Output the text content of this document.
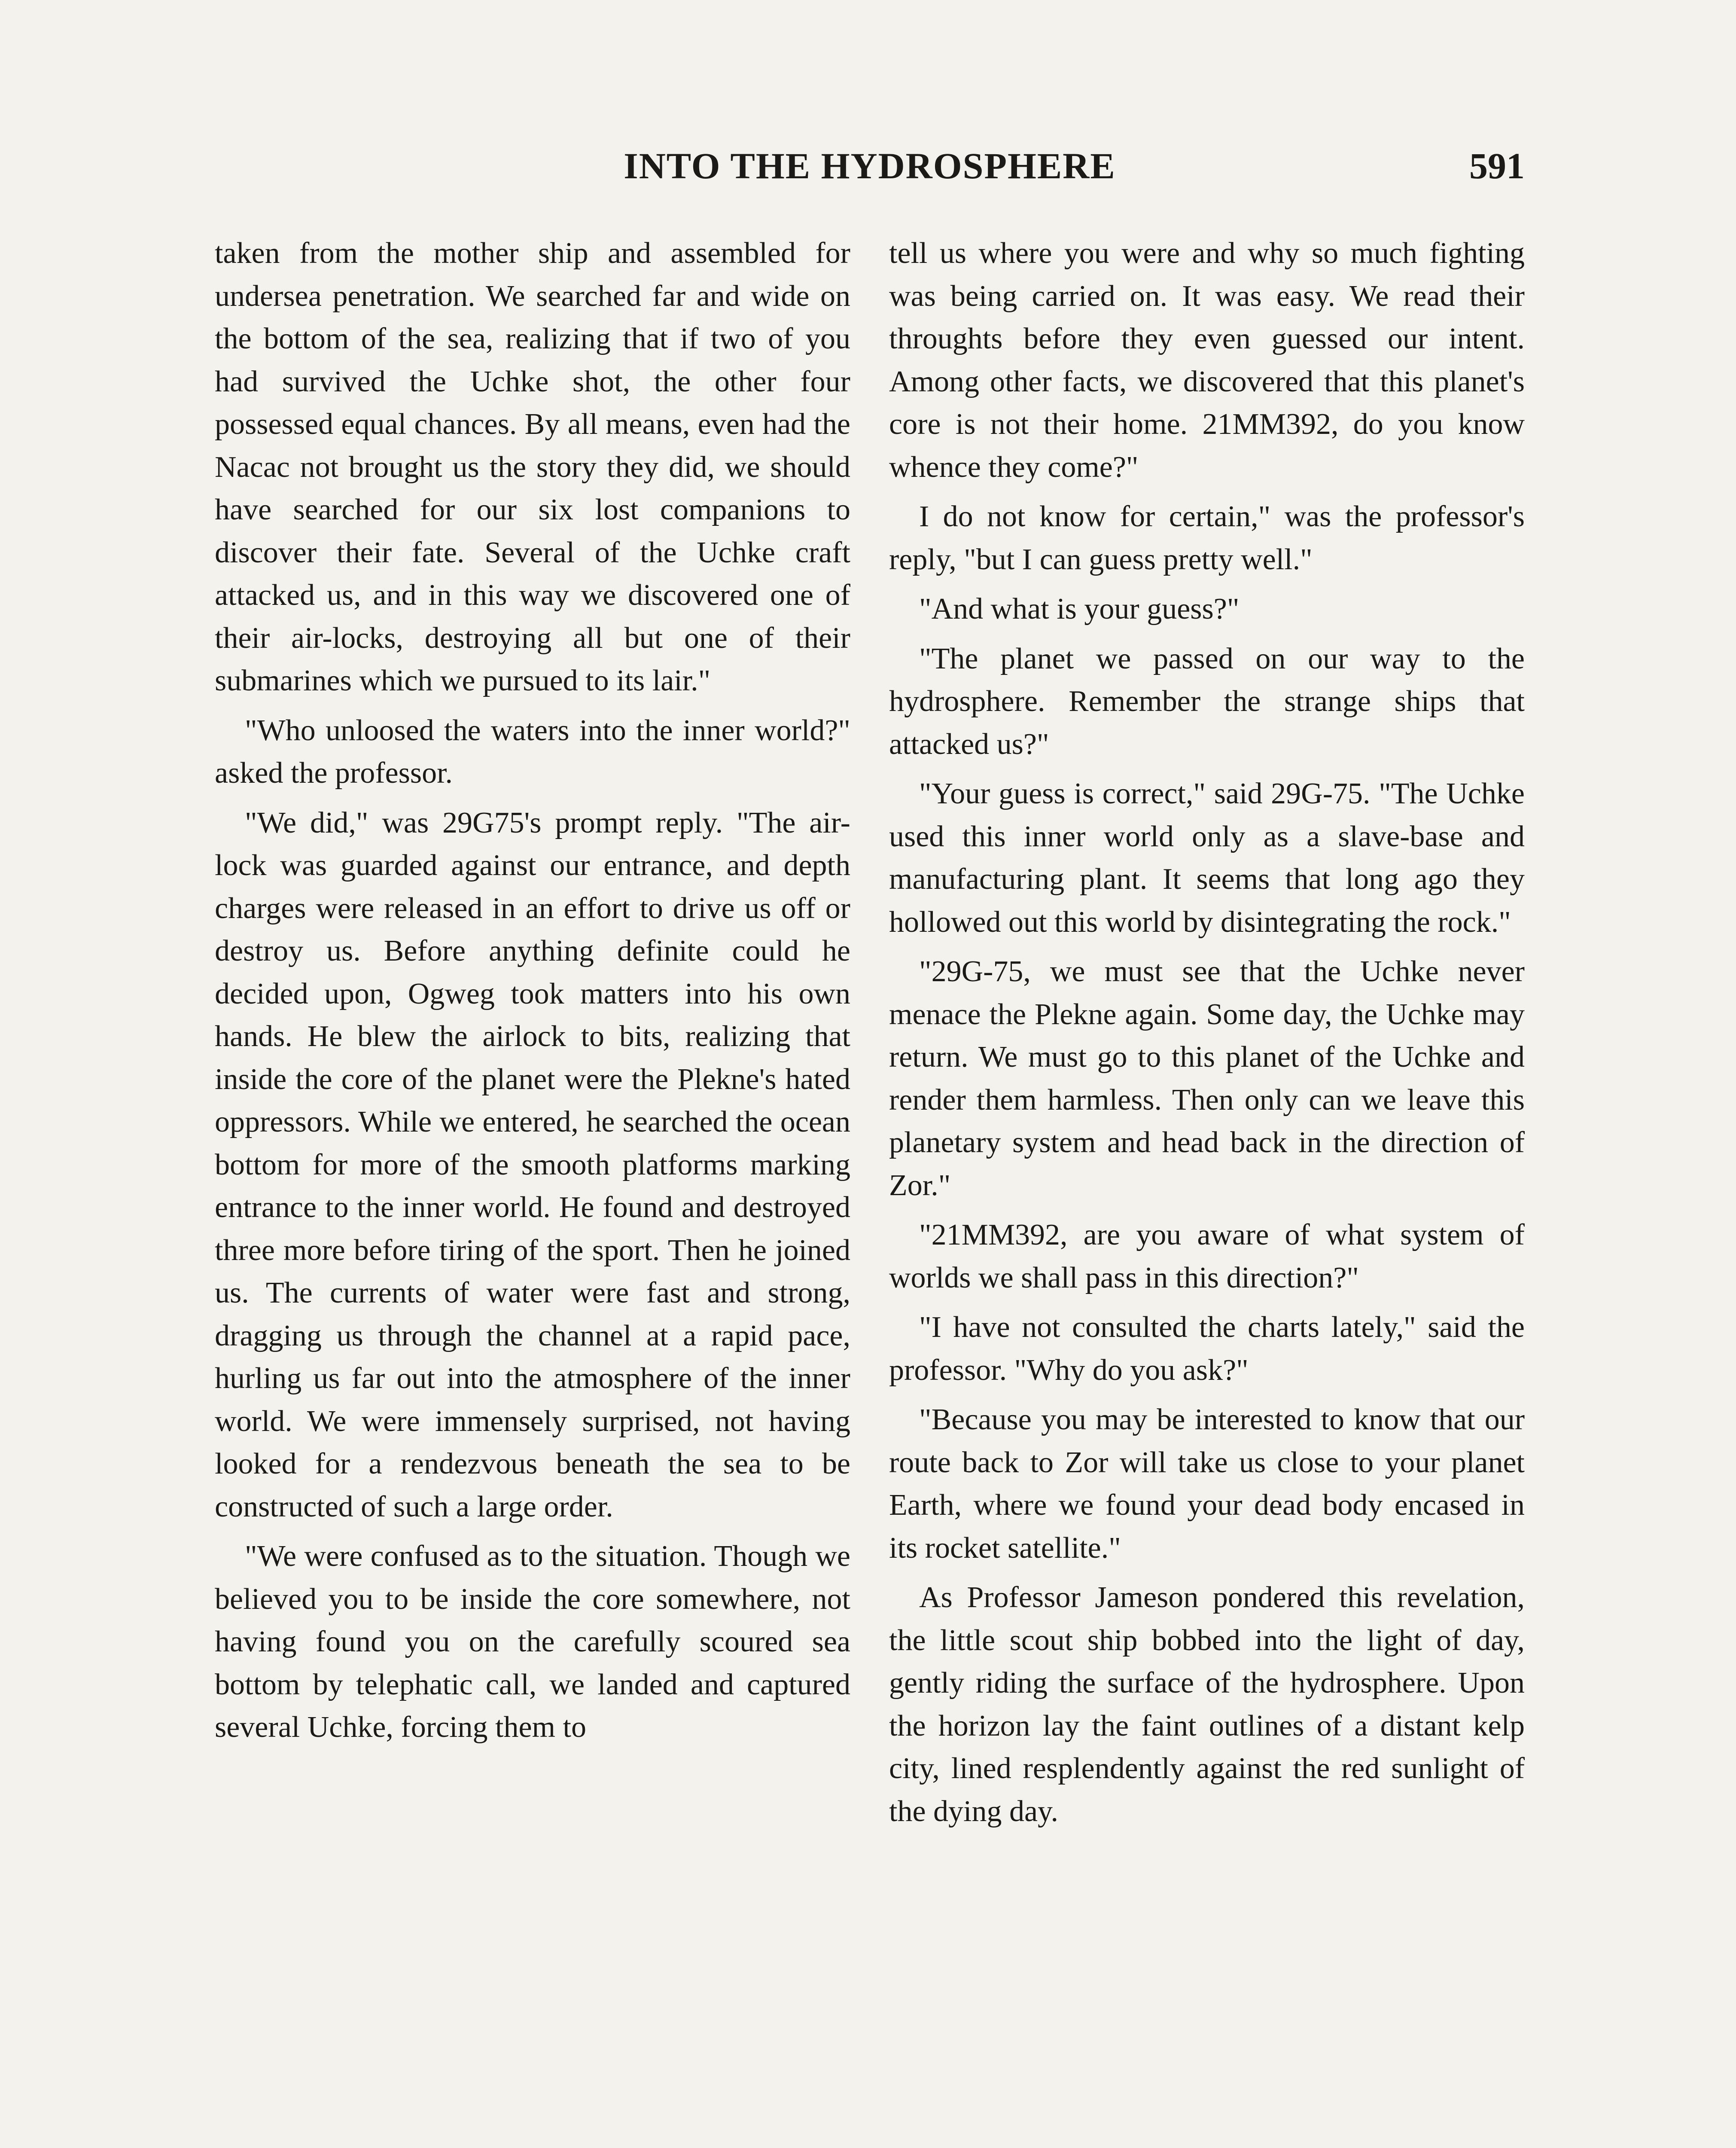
INTO THE HYDROSPHERE	591

taken from the mother ship and assembled for undersea penetration. We searched far and wide on the bottom of the sea, realizing that if two of you had survived the Uchke shot, the other four possessed equal chances. By all means, even had the Nacac not brought us the story they did, we should have searched for our six lost companions to discover their fate. Several of the Uchke craft attacked us, and in this way we discovered one of their air-locks, destroying all but one of their submarines which we pursued to its lair."

"Who unloosed the waters into the inner world?" asked the professor.

"We did," was 29G75's prompt reply. "The air-lock was guarded against our entrance, and depth charges were released in an effort to drive us off or destroy us. Before anything definite could he decided upon, Ogweg took matters into his own hands. He blew the airlock to bits, realizing that inside the core of the planet were the Plekne's hated oppressors. While we entered, he searched the ocean bottom for more of the smooth platforms marking entrance to the inner world. He found and destroyed three more before tiring of the sport. Then he joined us. The currents of water were fast and strong, dragging us through the channel at a rapid pace, hurling us far out into the atmosphere of the inner world. We were immensely surprised, not having looked for a rendezvous beneath the sea to be constructed of such a large order.

"We were confused as to the situation. Though we believed you to be inside the core somewhere, not having found you on the carefully scoured sea bottom by telephatic call, we landed and captured several Uchke, forcing them to

tell us where you were and why so much fighting was being carried on. It was easy. We read their throughts before they even guessed our intent. Among other facts, we discovered that this planet's core is not their home. 21MM392, do you know whence they come?"

I do not know for certain," was the professor's reply, "but I can guess pretty well."

"And what is your guess?"

"The planet we passed on our way to the hydrosphere. Remember the strange ships that attacked us?"

"Your guess is correct," said 29G-75. "The Uchke used this inner world only as a slave-base and manufacturing plant. It seems that long ago they hollowed out this world by disintegrating the rock."

"29G-75, we must see that the Uchke never menace the Plekne again. Some day, the Uchke may return. We must go to this planet of the Uchke and render them harmless. Then only can we leave this planetary system and head back in the direction of Zor."

"21MM392, are you aware of what system of worlds we shall pass in this direction?"

"I have not consulted the charts lately," said the professor. "Why do you ask?"

"Because you may be interested to know that our route back to Zor will take us close to your planet Earth, where we found your dead body encased in its rocket satellite."

As Professor Jameson pondered this revelation, the little scout ship bobbed into the light of day, gently riding the surface of the hydrosphere. Upon the horizon lay the faint outlines of a distant kelp city, lined resplendently against the red sunlight of the dying day.
